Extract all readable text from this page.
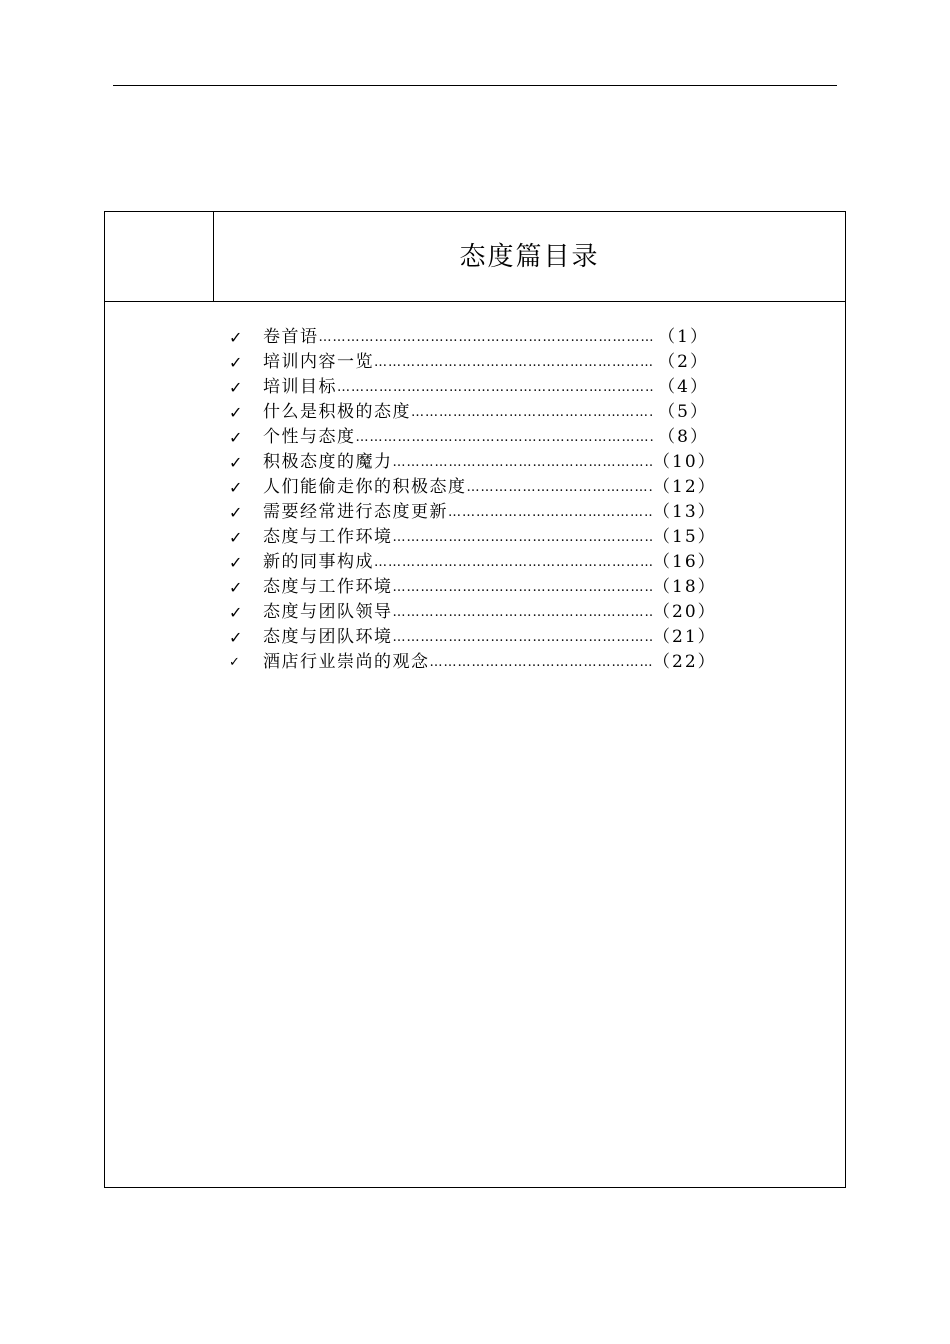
态度篇目录
✓	卷首语 …………………………………………………………………………………………	（1）
✓	培训内容一览 …………………………………………………………………………………………	（2）
✓	培训目标 …………………………………………………………………………………………	（4）
✓	什么是积极的态度 …………………………………………………………………………………………	（5）
✓	个性与态度 …………………………………………………………………………………………	（8）
✓	积极态度的魔力 …………………………………………………………………………………………	（10）
✓	人们能偷走你的积极态度 …………………………………………………………………………………………	（12）
✓	需要经常进行态度更新 …………………………………………………………………………………………	（13）
✓	态度与工作环境 …………………………………………………………………………………………	（15）
✓	新的同事构成 …………………………………………………………………………………………	（16）
✓	态度与工作环境 …………………………………………………………………………………………	（18）
✓	态度与团队领导 …………………………………………………………………………………………	（20）
✓	态度与团队环境 …………………………………………………………………………………………	（21）
✓	酒店行业崇尚的观念 …………………………………………………………………………………………	（22）
